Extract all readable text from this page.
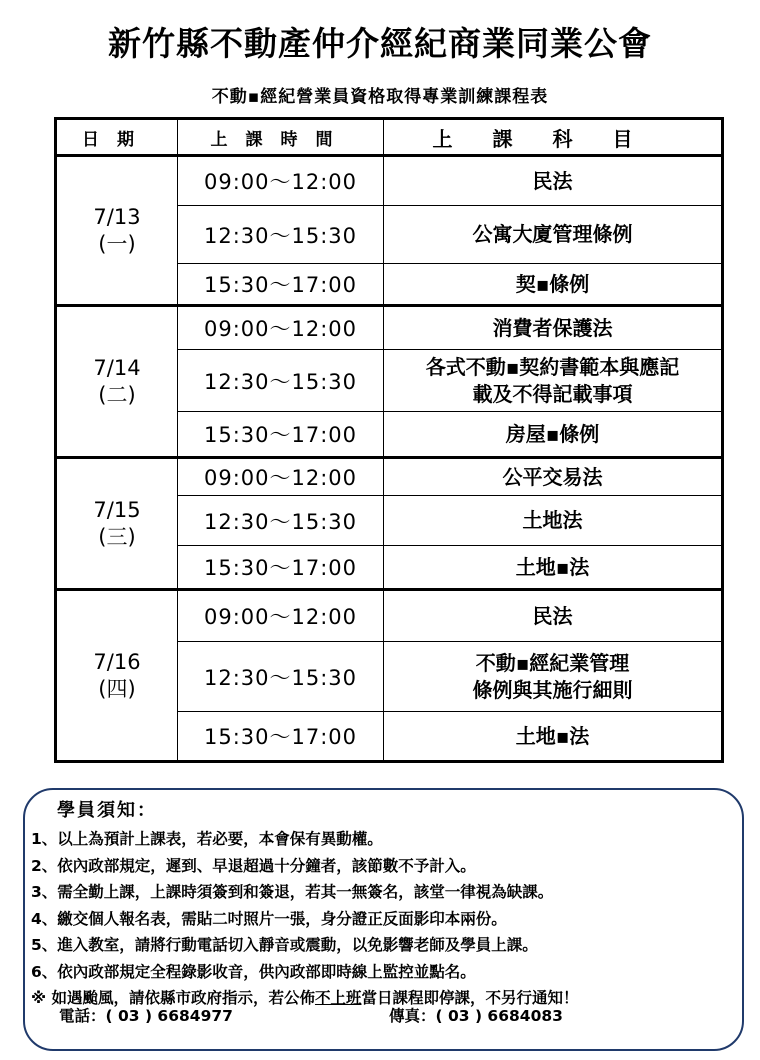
新竹縣不動產仲介經紀商業同業公會
不動▪經紀營業員資格取得專業訓練課程表
日期	上課時間	上課科目

7/13
(一)	09:00〜12:00	民法
	12:30〜15:30	公寓大廈管理條例
	15:30〜17:00	契▪條例

7/14
(二)	09:00〜12:00	消費者保護法
	12:30〜15:30	各式不動▪契約書範本與應記
載及不得記載事項
	15:30〜17:00	房屋▪條例

7/15
(三)	09:00〜12:00	公平交易法
	12:30〜15:30	土地法
	15:30〜17:00	土地▪法

7/16
(四)	09:00〜12:00	民法
	12:30〜15:30	不動▪經紀業管理
條例與其施行細則
	15:30〜17:00	土地▪法
學員須知：
1、以上為預計上課表，若必要，本會保有異動權。
2、依內政部規定，遲到、早退超過十分鐘者，該節數不予計入。
3、需全勤上課，上課時須簽到和簽退，若其一無簽名，該堂一律視為缺課。
4、繳交個人報名表，需貼二吋照片一張，身分證正反面影印本兩份。
5、進入教室，請將行動電話切入靜音或震動，以免影響老師及學員上課。
6、依內政部規定全程錄影收音，供內政部即時線上監控並點名。
※ 如遇颱風，請依縣市政府指示，若公佈不上班當日課程即停課，不另行通知！
電話：( 03 ) 6684977	傳真：( 03 ) 6684083
